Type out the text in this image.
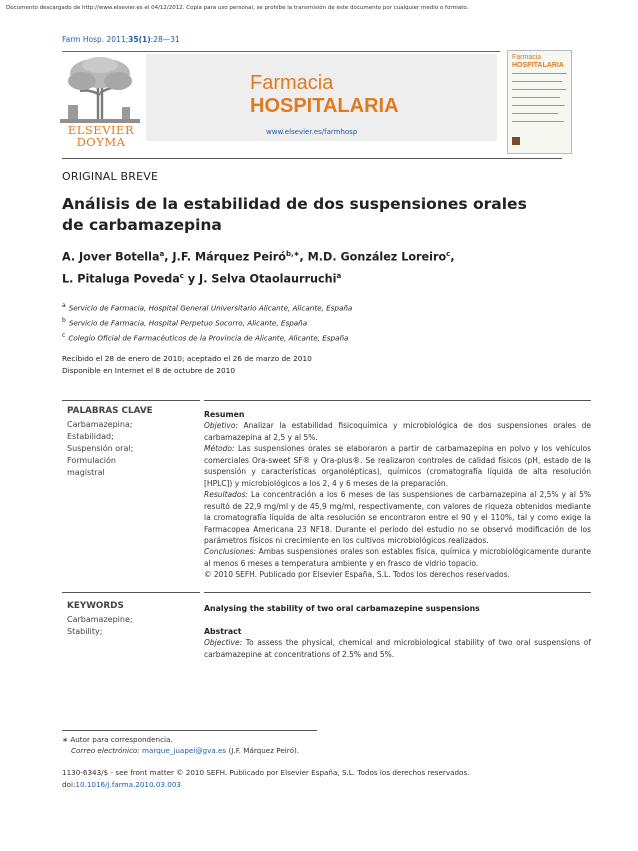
Documento descargado de http://www.elsevier.es el 04/12/2012. Copia para uso personal, se prohíbe la transmisión de este documento por cualquier medio o formato.
Farm Hosp. 2011;35(1):28—31
ELSEVIER
DOYMA
Farmacia
HOSPITALARIA
www.elsevier.es/farmhosp
Farmacia
HOSPITALARIA
ORIGINAL BREVE
Análisis de la estabilidad de dos suspensiones orales de carbamazepina
A. Jover Botella$^a$, J.F. Márquez Peiró$^{b,∗}$, M.D. González Loreiro$^c$,
L. Pitaluga Poveda$^c$ y J. Selva Otaolaurruchi$^a$
$^a$ Servicio de Farmacia, Hospital General Universitario Alicante, Alicante, España
$^b$ Servicio de Farmacia, Hospital Perpetuo Socorro, Alicante, España
$^c$ Colegio Oficial de Farmacéuticos de la Provincia de Alicante, Alicante, España
Recibido el 28 de enero de 2010; aceptado el 26 de marzo de 2010
Disponible en Internet el 8 de octubre de 2010
PALABRAS CLAVE
Carbamazepina;
Estabilidad;
Suspensión oral;
Formulación
magistral
Resumen
Objetivo: Analizar la estabilidad fisicoquímica y microbiológica de dos suspensiones orales de carbamazepina al 2,5 y al 5%.
Método: Las suspensiones orales se elaboraron a partir de carbamazepina en polvo y los vehículos comerciales Ora-sweet SF® y Ora-plus®. Se realizaron controles de calidad físicos (pH, estado de la suspensión y características organolépticas), químicos (cromatografía líquida de alta resolución [HPLC]) y microbiológicos a los 2, 4 y 6 meses de la preparación.
Resultados: La concentración a los 6 meses de las suspensiones de carbamazepina al 2,5% y al 5% resultó de 22,9 mg/ml y de 45,9 mg/ml, respectivamente, con valores de riqueza obtenidos mediante la cromatografía líquida de alta resolución se encontraron entre el 90 y el 110%, tal y como exige la Farmacopea Americana 23 NF18. Durante el período del estudio no se observó modificación de los parámetros físicos ni crecimiento en los cultivos microbiológicos realizados.
Conclusiones: Ambas suspensiones orales son estables física, química y microbiológicamente durante al menos 6 meses a temperatura ambiente y en frasco de vidrio topacio.
© 2010 SEFH. Publicado por Elsevier España, S.L. Todos los derechos reservados.
KEYWORDS
Carbamazepine;
Stability;
Analysing the stability of two oral carbamazepine suspensions
Abstract
Objective: To assess the physical, chemical and microbiological stability of two oral suspensions of carbamazepine at concentrations of 2.5% and 5%.
∗ Autor para correspondencia.
Correo electrónico: marque_juapei@gva.es (J.F. Márquez Peiró).
1130-6343/$ - see front matter © 2010 SEFH. Publicado por Elsevier España, S.L. Todos los derechos reservados.
doi:10.1016/j.farma.2010.03.003
